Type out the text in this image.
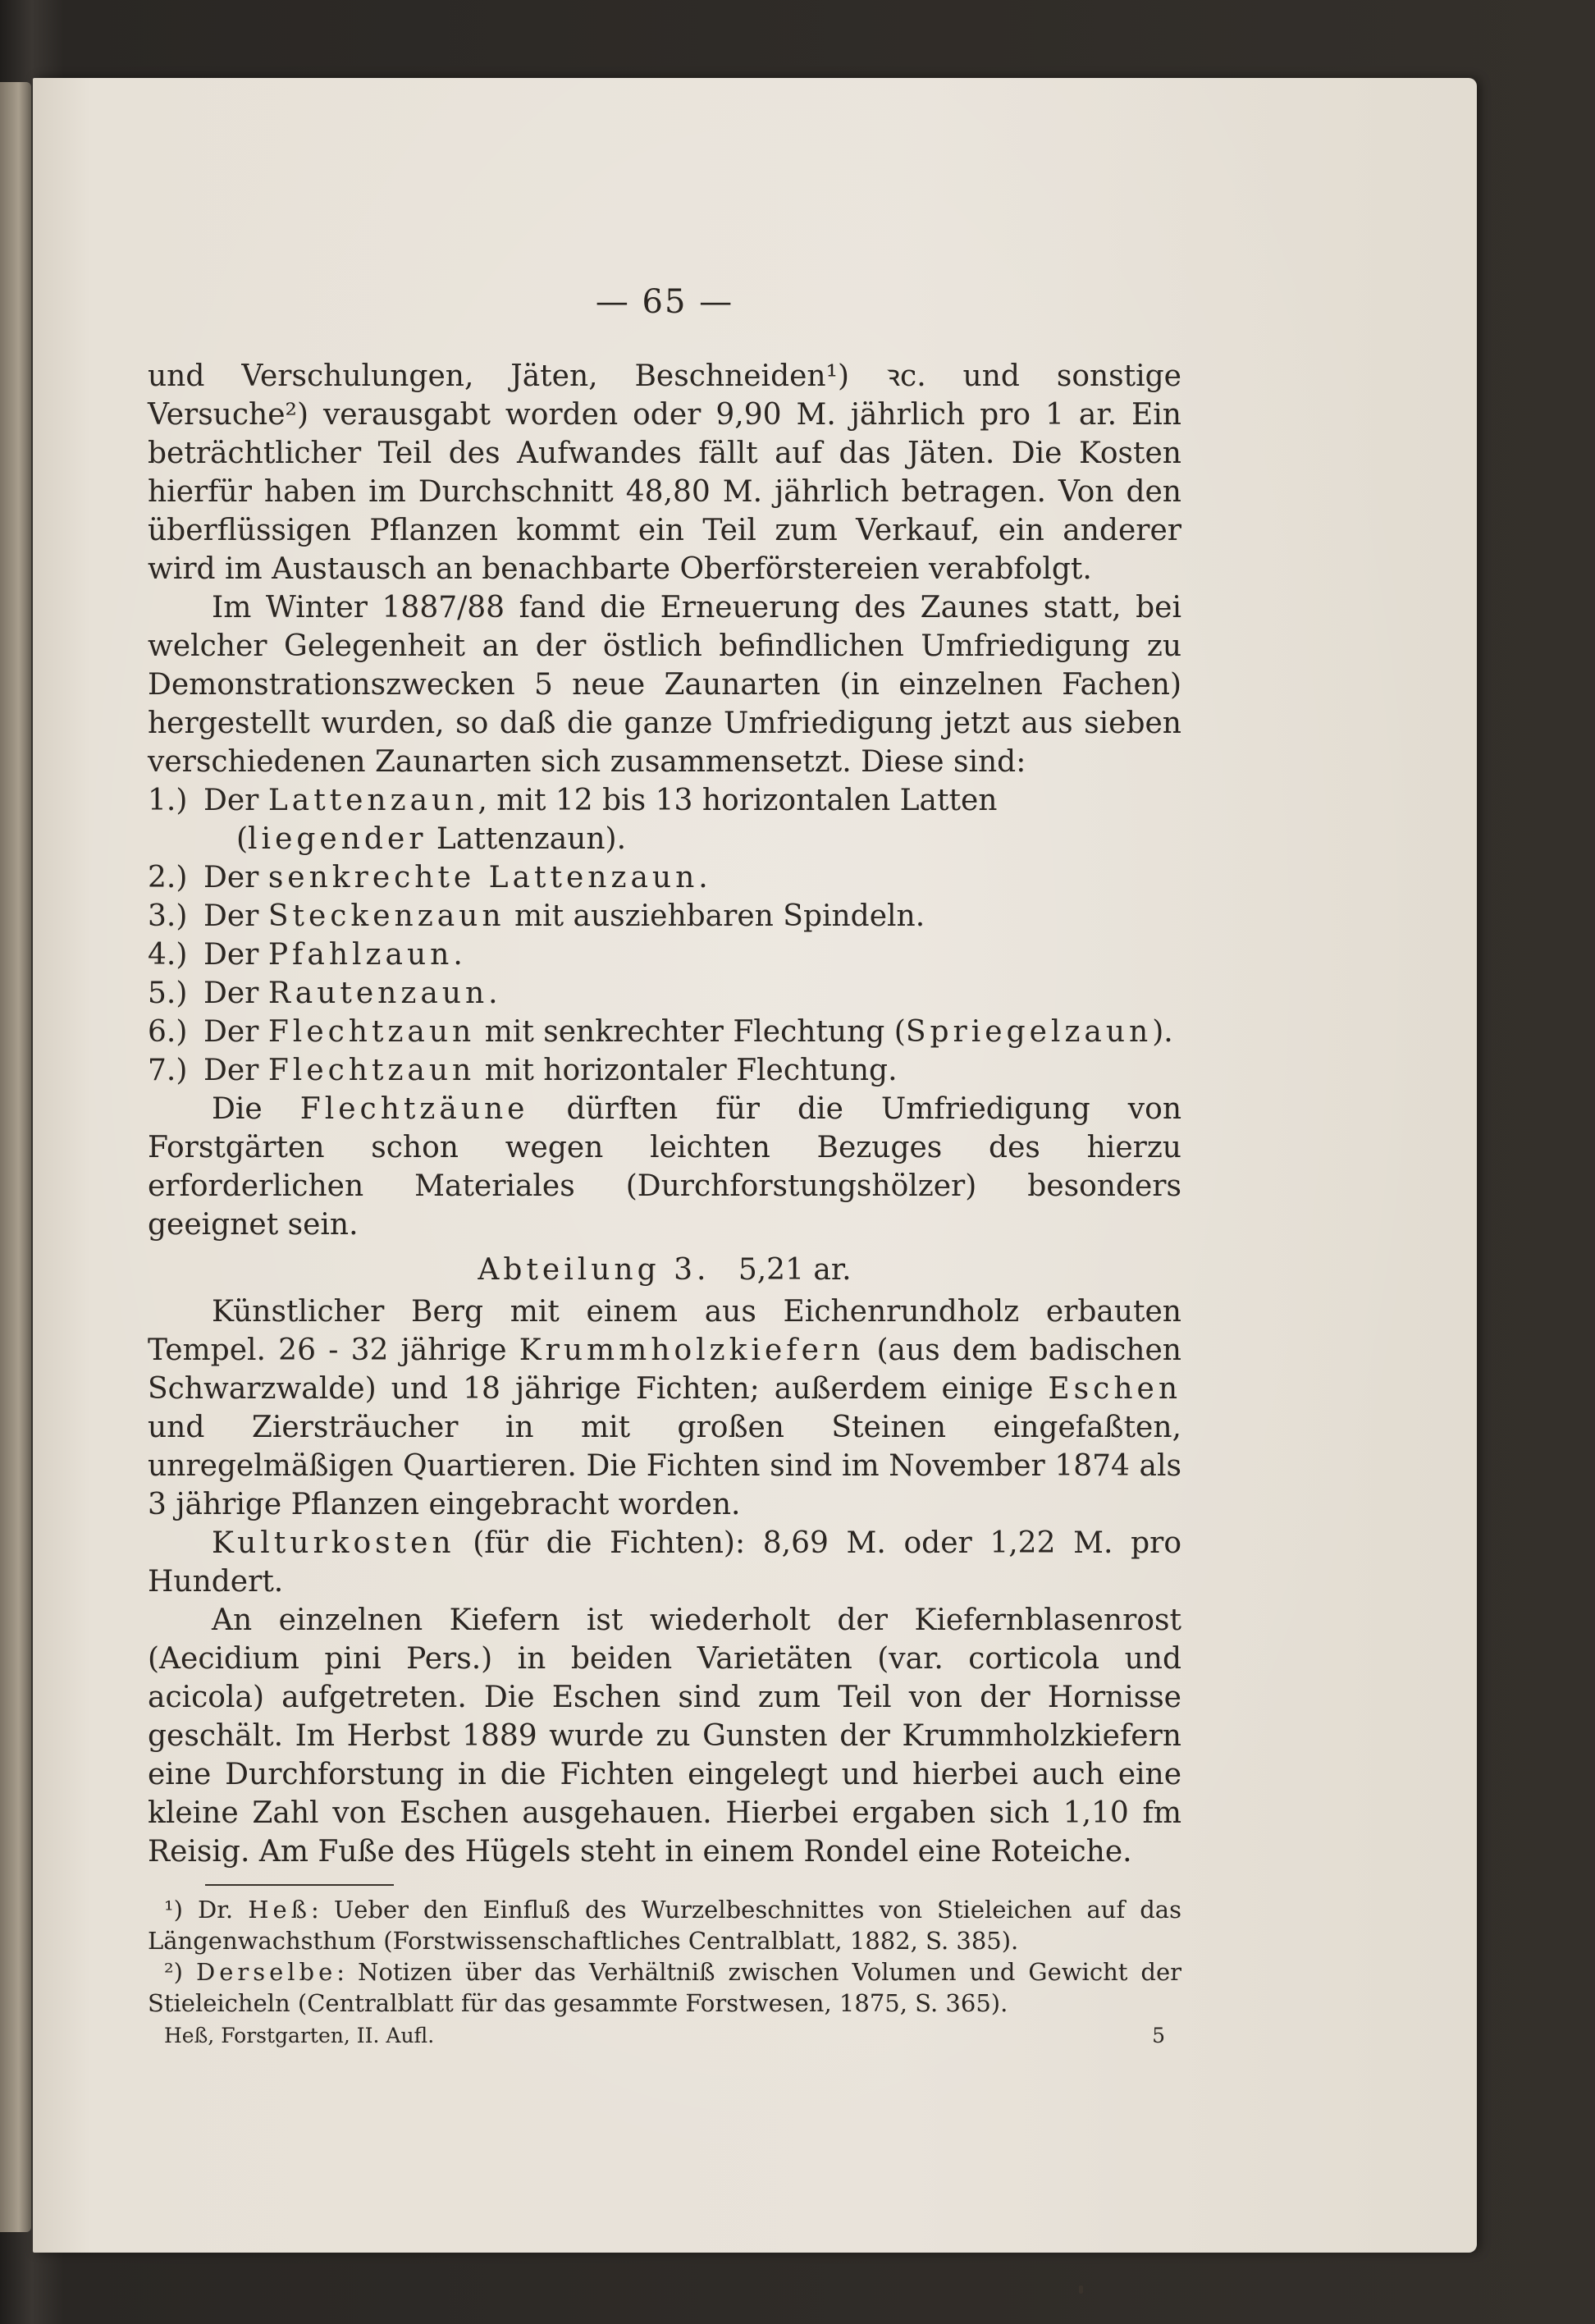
— 65 —

und Verschulungen, Jäten, Beschneiden¹) ꝛc. und sonstige Versuche²) verausgabt worden oder 9,90 M. jährlich pro 1 ar. Ein beträchtlicher Teil des Aufwandes fällt auf das Jäten. Die Kosten hierfür haben im Durchschnitt 48,80 M. jährlich betragen. Von den überflüssigen Pflanzen kommt ein Teil zum Verkauf, ein anderer wird im Austausch an benachbarte Oberförstereien verabfolgt.

Im Winter 1887/88 fand die Erneuerung des Zaunes statt, bei welcher Gelegenheit an der östlich befindlichen Umfriedigung zu Demonstrationszwecken 5 neue Zaunarten (in einzelnen Fachen) hergestellt wurden, so daß die ganze Umfriedigung jetzt aus sieben verschiedenen Zaunarten sich zusammensetzt. Diese sind:

1.) Der Lattenzaun, mit 12 bis 13 horizontalen Latten
(liegender Lattenzaun).
2.) Der senkrechte Lattenzaun.
3.) Der Steckenzaun mit ausziehbaren Spindeln.
4.) Der Pfahlzaun.
5.) Der Rautenzaun.
6.) Der Flechtzaun mit senkrechter Flechtung (Spriegelzaun).
7.) Der Flechtzaun mit horizontaler Flechtung.

Die Flechtzäune dürften für die Umfriedigung von Forstgärten schon wegen leichten Bezuges des hierzu erforderlichen Materiales (Durchforstungshölzer) besonders geeignet sein.

Abteilung 3. 5,21 ar.

Künstlicher Berg mit einem aus Eichenrundholz erbauten Tempel. 26 - 32 jährige Krummholzkiefern (aus dem badischen Schwarzwalde) und 18 jährige Fichten; außerdem einige Eschen und Ziersträucher in mit großen Steinen eingefaßten, unregelmäßigen Quartieren. Die Fichten sind im November 1874 als 3 jährige Pflanzen eingebracht worden.

Kulturkosten (für die Fichten): 8,69 M. oder 1,22 M. pro Hundert.

An einzelnen Kiefern ist wiederholt der Kiefernblasenrost (Aecidium pini Pers.) in beiden Varietäten (var. corticola und acicola) aufgetreten. Die Eschen sind zum Teil von der Hornisse geschält. Im Herbst 1889 wurde zu Gunsten der Krummholzkiefern eine Durchforstung in die Fichten eingelegt und hierbei auch eine kleine Zahl von Eschen ausgehauen. Hierbei ergaben sich 1,10 fm Reisig. Am Fuße des Hügels steht in einem Rondel eine Roteiche.

¹) Dr. Heß: Ueber den Einfluß des Wurzelbeschnittes von Stieleichen auf das Längenwachsthum (Forstwissenschaftliches Centralblatt, 1882, S. 385).

²) Derselbe: Notizen über das Verhältniß zwischen Volumen und Gewicht der Stieleicheln (Centralblatt für das gesammte Forstwesen, 1875, S. 365).

Heß, Forstgarten, II. Aufl.	5
